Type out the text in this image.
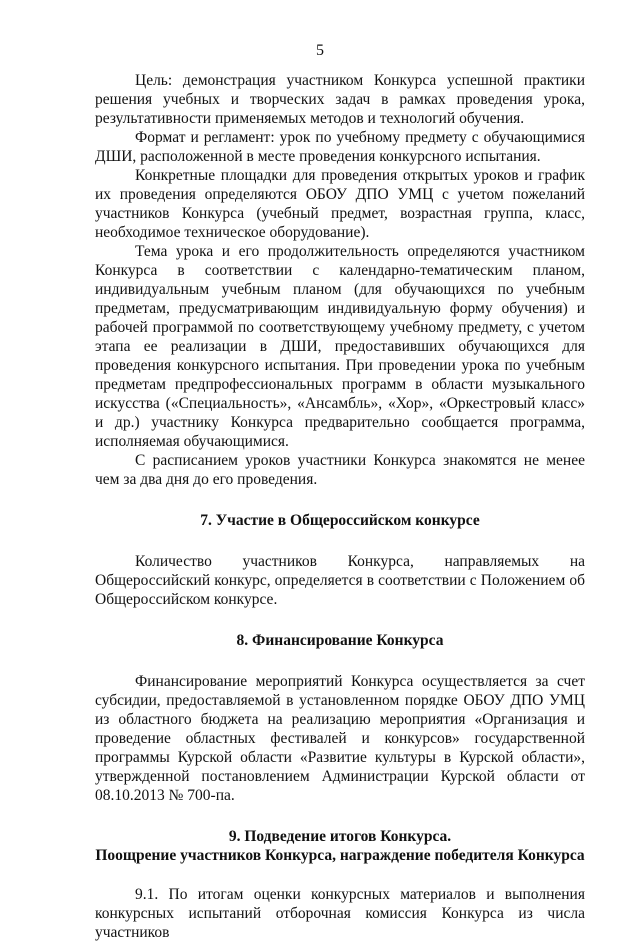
5

Цель: демонстрация участником Конкурса успешной практики решения учебных и творческих задач в рамках проведения урока, результативности применяемых методов и технологий обучения.

Формат и регламент: урок по учебному предмету с обучающимися ДШИ, расположенной в месте проведения конкурсного испытания.

Конкретные площадки для проведения открытых уроков и график их проведения определяются ОБОУ ДПО УМЦ с учетом пожеланий участников Конкурса (учебный предмет, возрастная группа, класс, необходимое техническое оборудование).

Тема урока и его продолжительность определяются участником Конкурса в соответствии с календарно-тематическим планом, индивидуальным учебным планом (для обучающихся по учебным предметам, предусматривающим индивидуальную форму обучения) и рабочей программой по соответствующему учебному предмету, с учетом этапа ее реализации в ДШИ, предоставивших обучающихся для проведения конкурсного испытания. При проведении урока по учебным предметам предпрофессиональных программ в области музыкального искусства («Специальность», «Ансамбль», «Хор», «Оркестровый класс» и др.) участнику Конкурса предварительно сообщается программа, исполняемая обучающимися.

С расписанием уроков участники Конкурса знакомятся не менее чем за два дня до его проведения.

7. Участие в Общероссийском конкурсе

Количество участников Конкурса, направляемых на Общероссийский конкурс, определяется в соответствии с Положением об Общероссийском конкурсе.

8. Финансирование Конкурса

Финансирование мероприятий Конкурса осуществляется за счет субсидии, предоставляемой в установленном порядке ОБОУ ДПО УМЦ из областного бюджета на реализацию мероприятия «Организация и проведение областных фестивалей и конкурсов» государственной программы Курской области «Развитие культуры в Курской области», утвержденной постановлением Администрации Курской области от 08.10.2013 № 700-па.

9. Подведение итогов Конкурса.

Поощрение участников Конкурса, награждение победителя Конкурса

9.1. По итогам оценки конкурсных материалов и выполнения конкурсных испытаний отборочная комиссия Конкурса из числа участников
